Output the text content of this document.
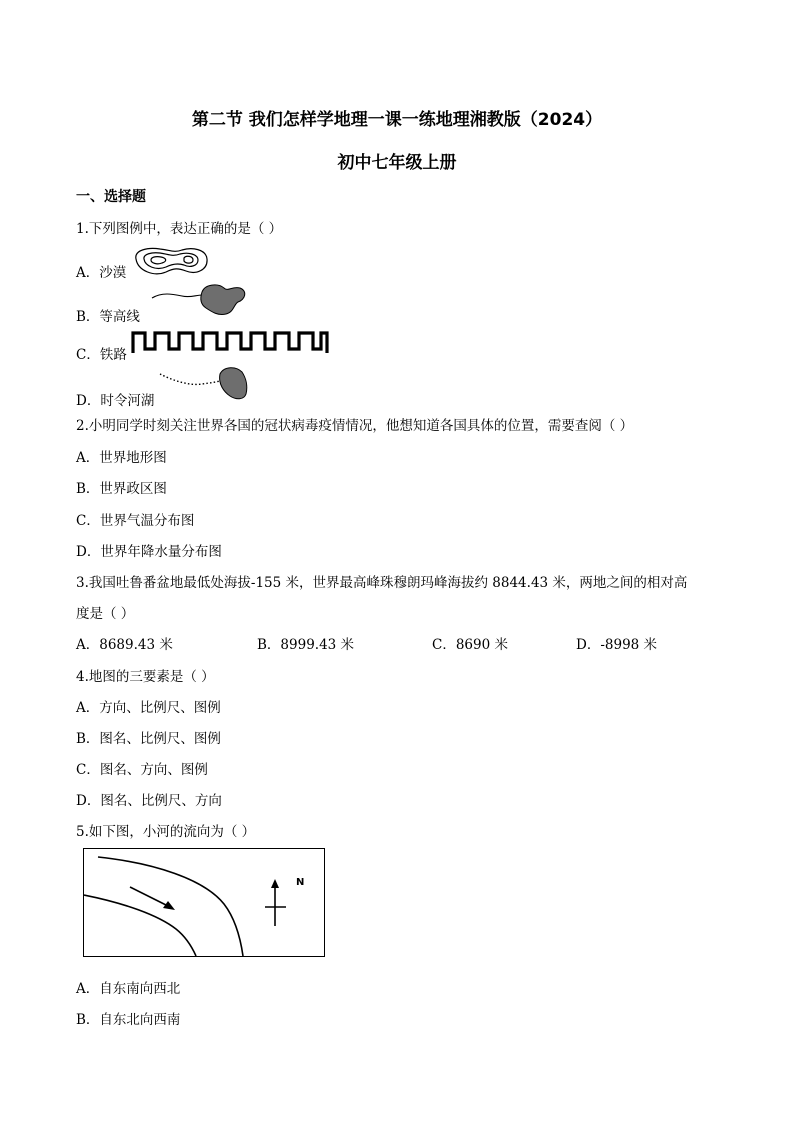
第二节 我们怎样学地理一课一练地理湘教版（2024）
初中七年级上册
一、选择题
1.下列图例中，表达正确的是（ ）
A．沙漠
B．等高线
C．铁路
D．时令河湖
2.小明同学时刻关注世界各国的冠状病毒疫情情况，他想知道各国具体的位置，需要查阅（ ）
A．世界地形图
B．世界政区图
C．世界气温分布图
D．世界年降水量分布图
3.我国吐鲁番盆地最低处海拔-155 米，世界最高峰珠穆朗玛峰海拔约 8844.43 米，两地之间的相对高
度是（ ）
A．8689.43 米	B．8999.43 米	C．8690 米	D．-8998 米
4.地图的三要素是（ ）
A．方向、比例尺、图例
B．图名、比例尺、图例
C．图名、方向、图例
D．图名、比例尺、方向
5.如下图，小河的流向为（ ）
N
A．自东南向西北
B．自东北向西南
